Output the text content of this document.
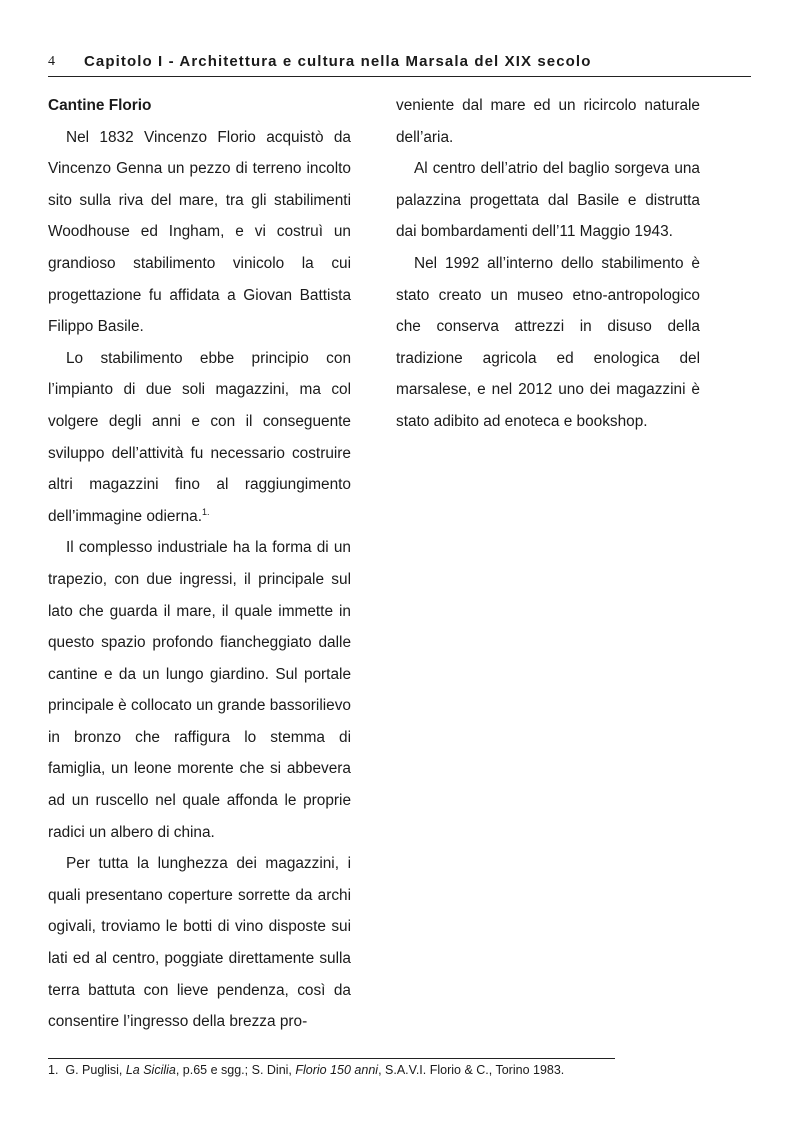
4 Capitolo I - Architettura e cultura nella Marsala del XIX secolo
Cantine Florio

Nel 1832 Vincenzo Florio acquistò da Vincenzo Genna un pezzo di terreno incolto sito sulla riva del mare, tra gli stabilimenti Woodhouse ed Ingham, e vi costruì un grandioso stabilimento vinicolo la cui progettazione fu affidata a Giovan Battista Filippo Basile.

Lo stabilimento ebbe principio con l’impianto di due soli magazzini, ma col volgere degli anni e con il conseguente sviluppo dell’attività fu necessario costruire altri magazzini fino al raggiungimento dell’immagine odierna.$^{1.}$

Il complesso industriale ha la forma di un trapezio, con due ingressi, il principale sul lato che guarda il mare, il quale immette in questo spazio profondo fiancheggiato dalle cantine e da un lungo giardino. Sul portale principale è collocato un grande bassorilievo in bronzo che raffigura lo stemma di famiglia, un leone morente che si abbevera ad un ruscello nel quale affonda le proprie radici un albero di china.

Per tutta la lunghezza dei magazzini, i quali presentano coperture sorrette da archi ogivali, troviamo le botti di vino disposte sui lati ed al centro, poggiate direttamente sulla terra battuta con lieve pendenza, così da consentire l’ingresso della brezza pro-

veniente dal mare ed un ricircolo naturale dell’aria.

Al centro dell’atrio del baglio sorgeva una palazzina progettata dal Basile e distrutta dai bombardamenti dell’11 Maggio 1943.

Nel 1992 all’interno dello stabilimento è stato creato un museo etno-antropologico che conserva attrezzi in disuso della tradizione agricola ed enologica del marsalese, e nel 2012 uno dei magazzini è stato adibito ad enoteca e bookshop.

1. G. Puglisi, La Sicilia, p.65 e sgg.; S. Dini, Florio 150 anni, S.A.V.I. Florio & C., Torino 1983.
